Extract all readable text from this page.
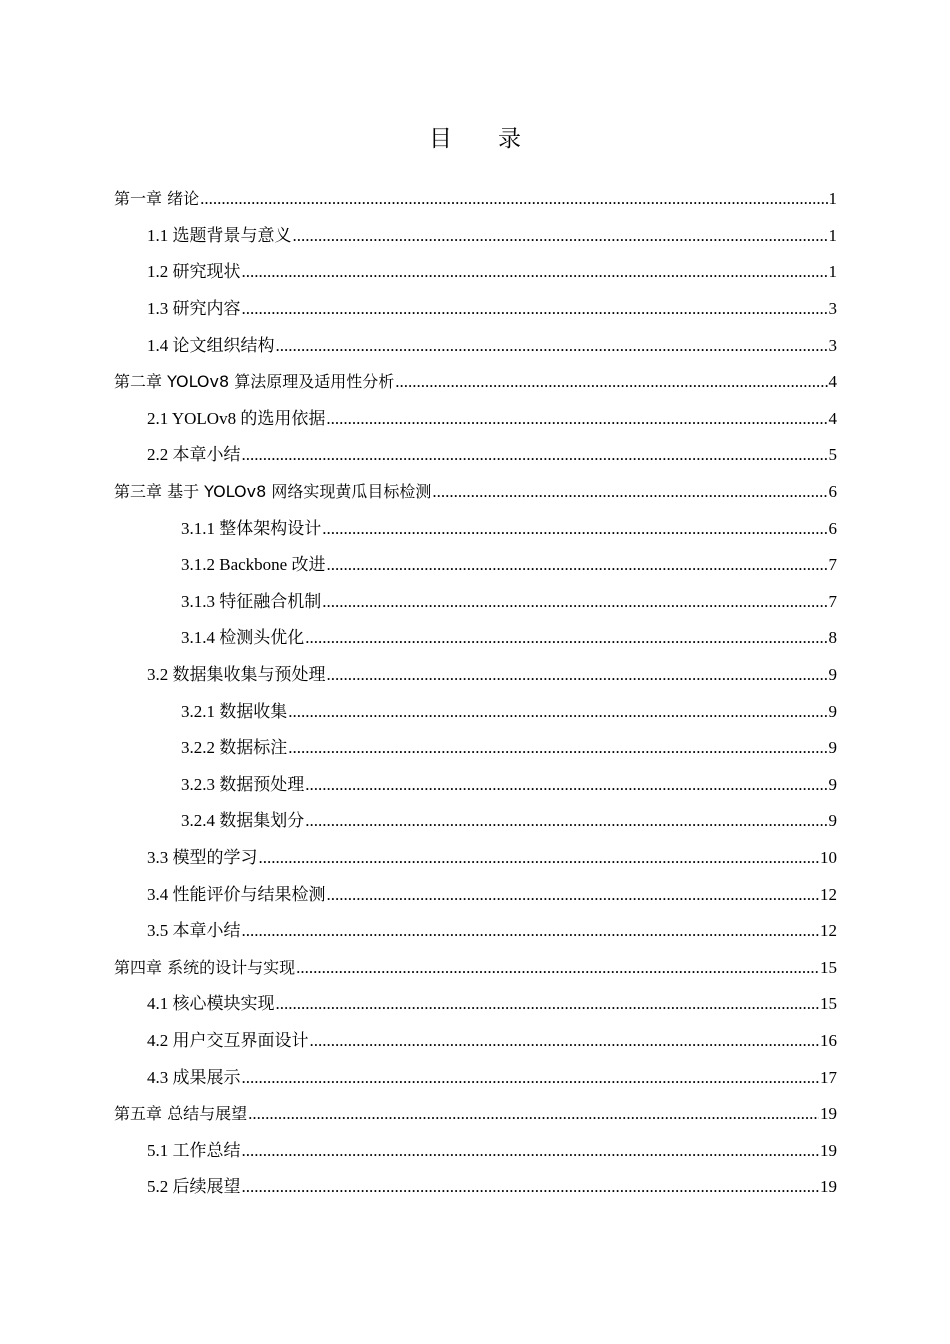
目 录
第一章 绪论 .....	1
1.1 选题背景与意义 .....	1
1.2 研究现状 .....	1
1.3 研究内容 .....	3
1.4 论文组织结构 .....	3
第二章 YOLOv8 算法原理及适用性分析 .....	4
2.1 YOLOv8 的选用依据 .....	4
2.2 本章小结 .....	5
第三章 基于 YOLOv8 网络实现黄瓜目标检测 .....	6
3.1.1 整体架构设计 .....	6
3.1.2 Backbone 改进 .....	7
3.1.3 特征融合机制 .....	7
3.1.4 检测头优化 .....	8
3.2 数据集收集与预处理 .....	9
3.2.1 数据收集 .....	9
3.2.2 数据标注 .....	9
3.2.3 数据预处理 .....	9
3.2.4 数据集划分 .....	9
3.3 模型的学习 .....	10
3.4 性能评价与结果检测 .....	12
3.5 本章小结 .....	12
第四章 系统的设计与实现 .....	15
4.1 核心模块实现 .....	15
4.2 用户交互界面设计 .....	16
4.3 成果展示 .....	17
第五章 总结与展望 .....	19
5.1 工作总结 .....	19
5.2 后续展望 .....	19
